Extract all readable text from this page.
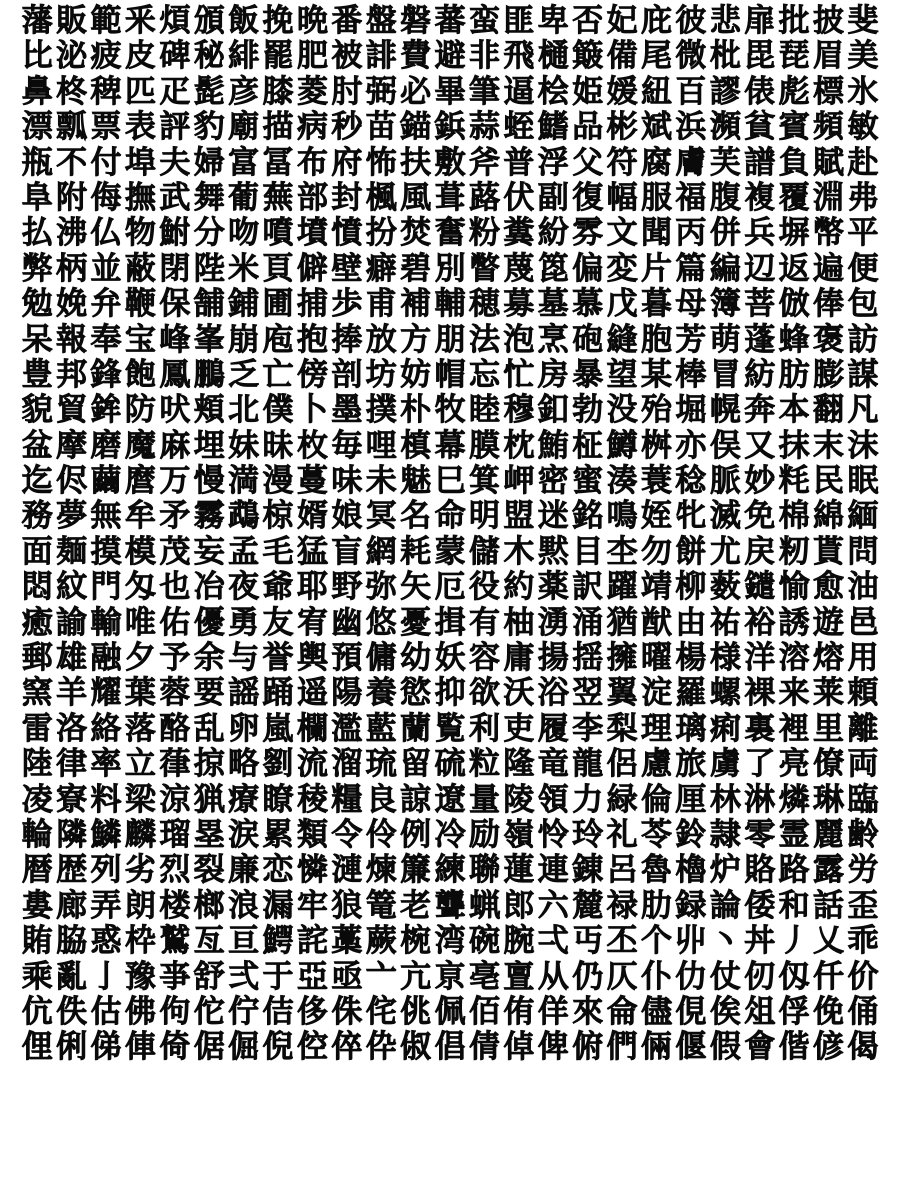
藩 販 範 釆 煩 頒 飯 挽 晩 番 盤 磐 蕃 蛮 匪 卑 否 妃 庇 彼 悲 扉 批 披 斐
比 泌 疲 皮 碑 秘 緋 罷 肥 被 誹 費 避 非 飛 樋 簸 備 尾 微 枇 毘 琵 眉 美
鼻 柊 稗 匹 疋 髭 彦 膝 菱 肘 弼 必 畢 筆 逼 桧 姫 媛 紐 百 謬 俵 彪 標 氷
漂 瓢 票 表 評 豹 廟 描 病 秒 苗 錨 鋲 蒜 蛭 鰭 品 彬 斌 浜 瀕 貧 賓 頻 敏
瓶 不 付 埠 夫 婦 富 冨 布 府 怖 扶 敷 斧 普 浮 父 符 腐 膚 芙 譜 負 賦 赴
阜 附 侮 撫 武 舞 葡 蕪 部 封 楓 風 葺 蕗 伏 副 復 幅 服 福 腹 複 覆 淵 弗
払 沸 仏 物 鮒 分 吻 噴 墳 憤 扮 焚 奮 粉 糞 紛 雰 文 聞 丙 併 兵 塀 幣 平
弊 柄 並 蔽 閉 陛 米 頁 僻 壁 癖 碧 別 瞥 蔑 箆 偏 変 片 篇 編 辺 返 遍 便
勉 娩 弁 鞭 保 舗 鋪 圃 捕 歩 甫 補 輔 穂 募 墓 慕 戊 暮 母 簿 菩 倣 俸 包
呆 報 奉 宝 峰 峯 崩 庖 抱 捧 放 方 朋 法 泡 烹 砲 縫 胞 芳 萌 蓬 蜂 褒 訪
豊 邦 鋒 飽 鳳 鵬 乏 亡 傍 剖 坊 妨 帽 忘 忙 房 暴 望 某 棒 冒 紡 肪 膨 謀
貌 貿 鉾 防 吠 頬 北 僕 卜 墨 撲 朴 牧 睦 穆 釦 勃 没 殆 堀 幌 奔 本 翻 凡
盆 摩 磨 魔 麻 埋 妹 昧 枚 毎 哩 槙 幕 膜 枕 鮪 柾 鱒 桝 亦 俣 又 抹 末 沫
迄 侭 繭 麿 万 慢 満 漫 蔓 味 未 魅 巳 箕 岬 密 蜜 湊 蓑 稔 脈 妙 粍 民 眠
務 夢 無 牟 矛 霧 鵡 椋 婿 娘 冥 名 命 明 盟 迷 銘 鳴 姪 牝 滅 免 棉 綿 緬
面 麺 摸 模 茂 妄 孟 毛 猛 盲 網 耗 蒙 儲 木 黙 目 杢 勿 餅 尤 戻 籾 貰 問
悶 紋 門 匁 也 冶 夜 爺 耶 野 弥 矢 厄 役 約 薬 訳 躍 靖 柳 薮 鑓 愉 愈 油
癒 諭 輸 唯 佑 優 勇 友 宥 幽 悠 憂 揖 有 柚 湧 涌 猶 猷 由 祐 裕 誘 遊 邑
郵 雄 融 夕 予 余 与 誉 輿 預 傭 幼 妖 容 庸 揚 揺 擁 曜 楊 様 洋 溶 熔 用
窯 羊 耀 葉 蓉 要 謡 踊 遥 陽 養 慾 抑 欲 沃 浴 翌 翼 淀 羅 螺 裸 来 莱 頼
雷 洛 絡 落 酪 乱 卵 嵐 欄 濫 藍 蘭 覧 利 吏 履 李 梨 理 璃 痢 裏 裡 里 離
陸 律 率 立 葎 掠 略 劉 流 溜 琉 留 硫 粒 隆 竜 龍 侶 慮 旅 虜 了 亮 僚 両
凌 寮 料 梁 涼 猟 療 瞭 稜 糧 良 諒 遼 量 陵 領 力 緑 倫 厘 林 淋 燐 琳 臨
輪 隣 鱗 麟 瑠 塁 涙 累 類 令 伶 例 冷 励 嶺 怜 玲 礼 苓 鈴 隷 零 霊 麗 齢
暦 歴 列 劣 烈 裂 廉 恋 憐 漣 煉 簾 練 聯 蓮 連 錬 呂 魯 櫓 炉 賂 路 露 労
婁 廊 弄 朗 楼 榔 浪 漏 牢 狼 篭 老 聾 蝋 郎 六 麓 禄 肋 録 論 倭 和 話 歪
賄 脇 惑 枠 鷲 亙 亘 鰐 詫 藁 蕨 椀 湾 碗 腕 弌 丏 丕 个 丱 丶 丼 丿 乂 乖
乘 亂 亅 豫 亊 舒 弍 于 亞 亟 亠 亢 亰 亳 亶 从 仍 仄 仆 仂 仗 仞 仭 仟 价
伉 佚 估 佛 佝 佗 佇 佶 侈 侏 侘 佻 佩 佰 侑 佯 來 侖 儘 俔 俟 俎 俘 俛 俑
俚 俐 俤 俥 倚 倨 倔 倪 倥 倅 伜 俶 倡 倩 倬 俾 俯 們 倆 偃 假 會 偕 偐 偈
